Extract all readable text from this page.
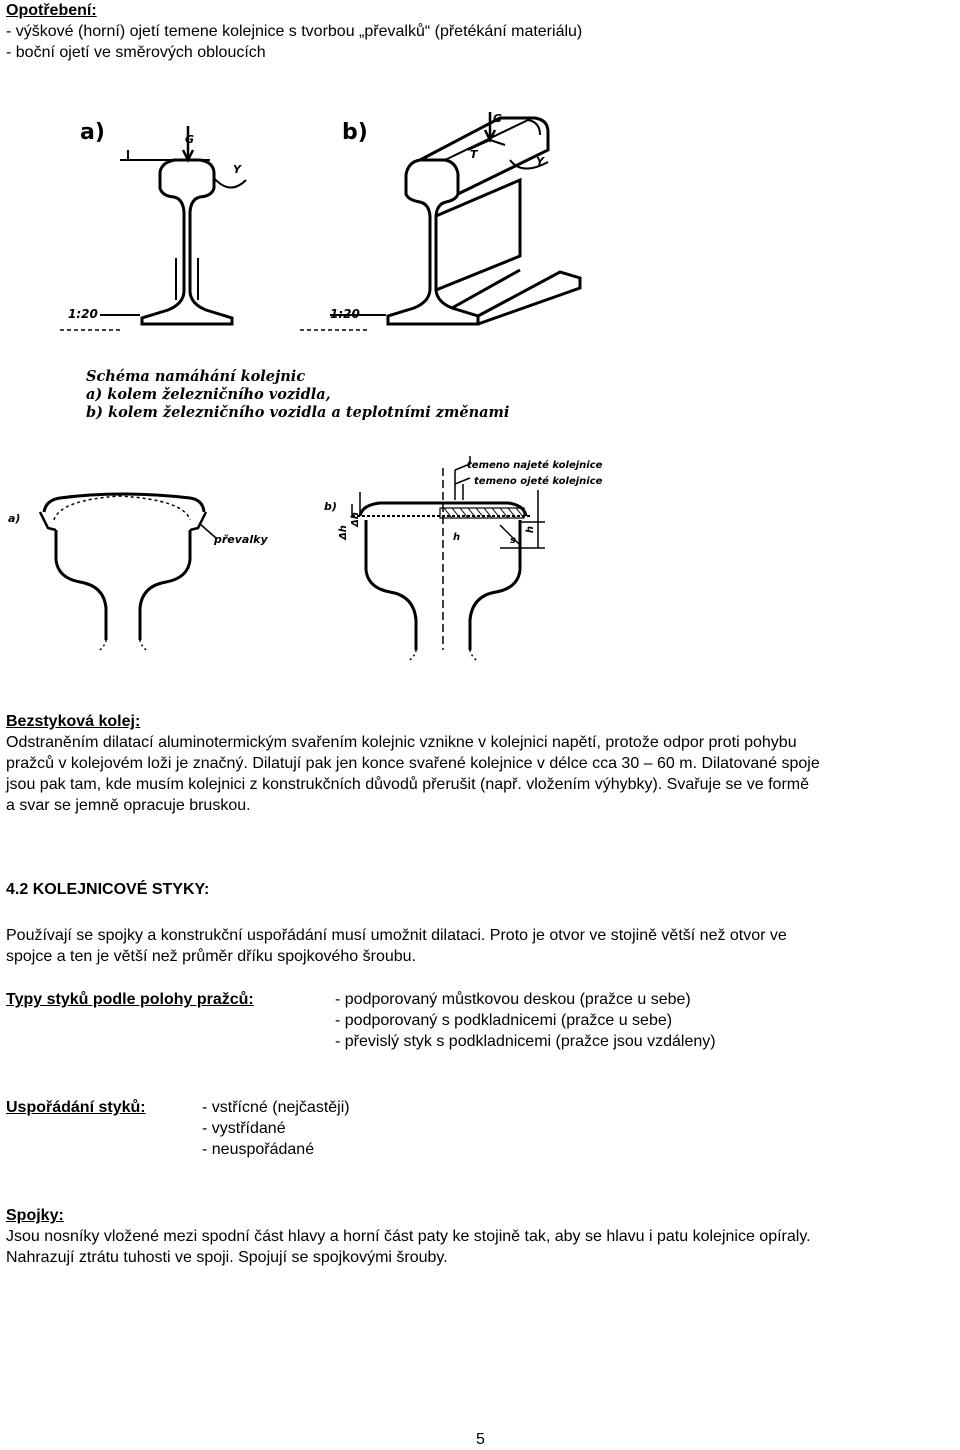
Opotřebení:
- výškové (horní) ojetí temene kolejnice s tvorbou „převalků“ (přetékání materiálu)
- boční ojetí ve směrových obloucích
a)	b)
G
Y
G
T
Y
1:20	1:20
Schéma namáhání kolejnic
a) kolem železničního vozidla,
b) kolem železničního vozidla a teplotními změnami
a)
b)
převalky
temeno najeté kolejnice
temeno ojeté kolejnice
Δh
Δh
h	s
h
Bezstyková kolej:
Odstraněním dilatací aluminotermickým svařením kolejnic vznikne v kolejnici napětí, protože odpor proti pohybu
pražců v kolejovém loži je značný. Dilatují pak jen konce svařené kolejnice v délce cca 30 – 60 m. Dilatované spoje
jsou pak tam, kde musím kolejnici z konstrukčních důvodů přerušit (např. vložením výhybky). Svařuje se ve formě
a svar se jemně opracuje bruskou.
4.2 KOLEJNICOVÉ STYKY:
Používají se spojky a konstrukční uspořádání musí umožnit dilataci. Proto je otvor ve stojině větší než otvor ve
spojce a ten je větší než průměr dříku spojkového šroubu.
Typy styků podle polohy pražců:	- podporovaný můstkovou deskou (pražce u sebe)
- podporovaný s podkladnicemi (pražce u sebe)
- převislý styk s podkladnicemi (pražce jsou vzdáleny)
Uspořádání styků:	- vstřícné (nejčastěji)
- vystřídané
- neuspořádané
Spojky:
Jsou nosníky vložené mezi spodní část hlavy a horní část paty ke stojině tak, aby se hlavu i patu kolejnice opíraly.
Nahrazují ztrátu tuhosti ve spoji. Spojují se spojkovými šrouby.
5
